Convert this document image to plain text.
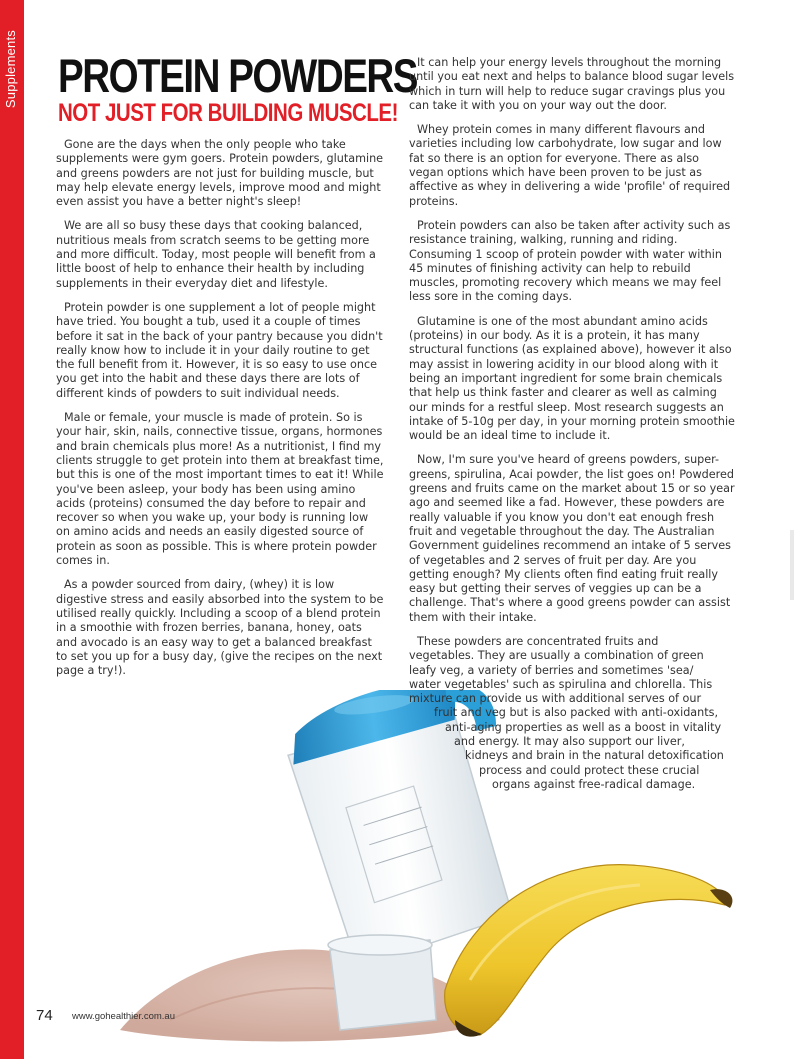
Supplements PROTEIN POWDERS
NOT JUST FOR BUILDING MUSCLE!

Gone are the days when the only people who take supplements were gym goers. Protein powders, glutamine and greens powders are not just for building muscle, but may help elevate energy levels, improve mood and might even assist you have a better night's sleep!

We are all so busy these days that cooking balanced, nutritious meals from scratch seems to be getting more and more difficult. Today, most people will benefit from a little boost of help to enhance their health by including supplements in their everyday diet and lifestyle.

Protein powder is one supplement a lot of people might have tried. You bought a tub, used it a couple of times before it sat in the back of your pantry because you didn't really know how to include it in your daily routine to get the full benefit from it. However, it is so easy to use once you get into the habit and these days there are lots of different kinds of powders to suit individual needs.

Male or female, your muscle is made of protein. So is your hair, skin, nails, connective tissue, organs, hormones and brain chemicals plus more! As a nutritionist, I find my clients struggle to get protein into them at breakfast time, but this is one of the most important times to eat it! While you've been asleep, your body has been using amino acids (proteins) consumed the day before to repair and recover so when you wake up, your body is running low on amino acids and needs an easily digested source of protein as soon as possible. This is where protein powder comes in.

As a powder sourced from dairy, (whey) it is low digestive stress and easily absorbed into the system to be utilised really quickly. Including a scoop of a blend protein in a smoothie with frozen berries, banana, honey, oats and avocado is an easy way to get a balanced breakfast to set you up for a busy day, (give the recipes on the next page a try!).

It can help your energy levels throughout the morning until you eat next and helps to balance blood sugar levels which in turn will help to reduce sugar cravings plus you can take it with you on your way out the door.

Whey protein comes in many different flavours and varieties including low carbohydrate, low sugar and low fat so there is an option for everyone. There as also vegan options which have been proven to be just as affective as whey in delivering a wide 'profile' of required proteins.

Protein powders can also be taken after activity such as resistance training, walking, running and riding. Consuming 1 scoop of protein powder with water within 45 minutes of finishing activity can help to rebuild muscles, promoting recovery which means we may feel less sore in the coming days.

Glutamine is one of the most abundant amino acids (proteins) in our body. As it is a protein, it has many structural functions (as explained above), however it also may assist in lowering acidity in our blood along with it being an important ingredient for some brain chemicals that help us think faster and clearer as well as calming our minds for a restful sleep. Most research suggests an intake of 5-10g per day, in your morning protein smoothie would be an ideal time to include it.

Now, I'm sure you've heard of greens powders, super-greens, spirulina, Acai powder, the list goes on! Powdered greens and fruits came on the market about 15 or so year ago and seemed like a fad. However, these powders are really valuable if you know you don't eat enough fresh fruit and vegetable throughout the day. The Australian Government guidelines recommend an intake of 5 serves of vegetables and 2 serves of fruit per day. Are you getting enough? My clients often find eating fruit really easy but getting their serves of veggies up can be a challenge. That's where a good greens powder can assist them with their intake.

These powders are concentrated fruits and
vegetables. They are usually a combination of green
leafy veg, a variety of berries and sometimes 'sea/
water vegetables' such as spirulina and chlorella. This
mixture can provide us with additional serves of our
fruit and veg but is also packed with anti-oxidants,
anti-aging properties as well as a boost in vitality
and energy. It may also support our liver,
kidneys and brain in the natural detoxification
process and could protect these crucial
organs against free-radical damage.

74 www.gohealthier.com.au
